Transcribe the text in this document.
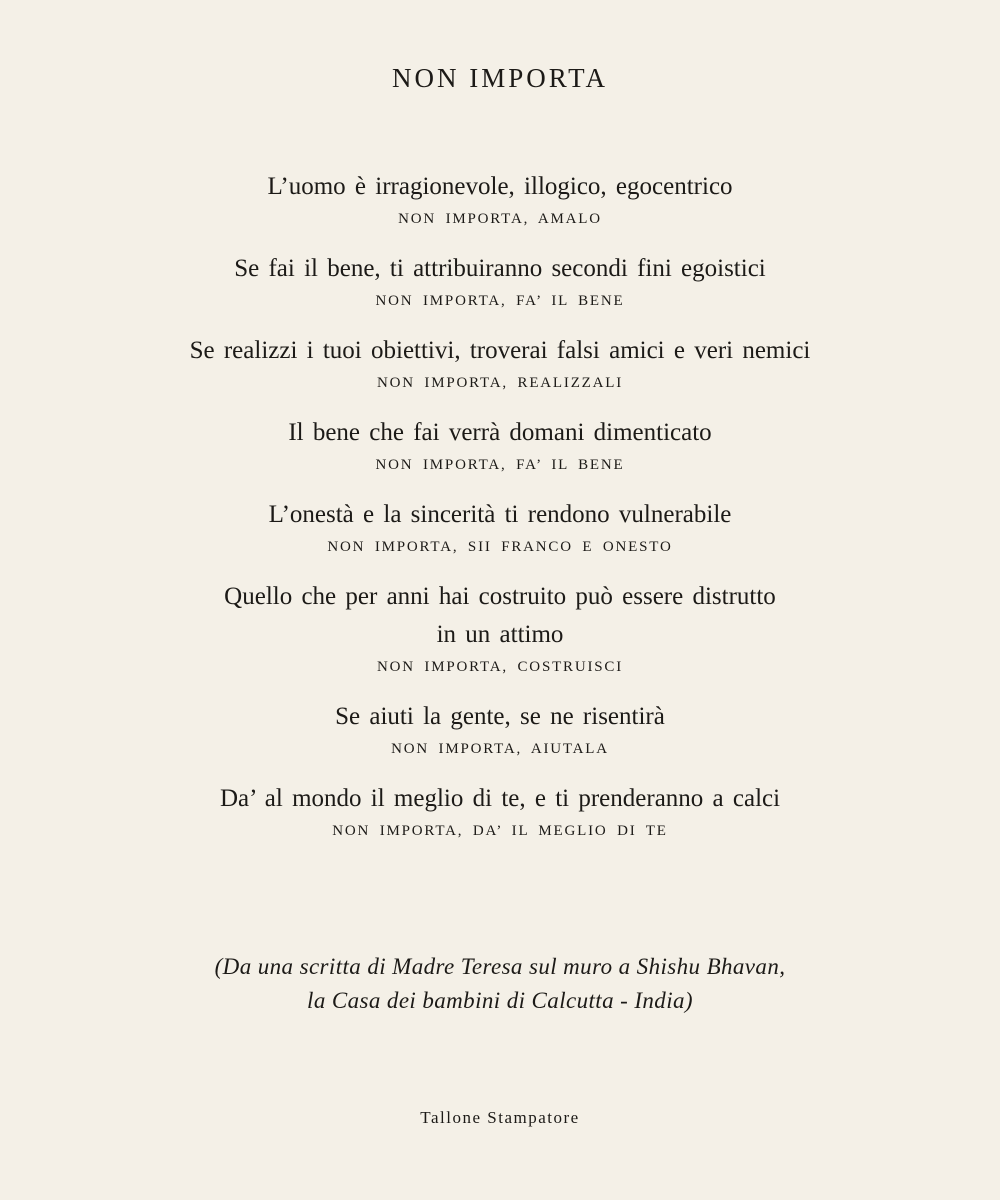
NON IMPORTA
L’uomo è irragionevole, illogico, egocentrico
NON IMPORTA, AMALO
Se fai il bene, ti attribuiranno secondi fini egoistici
NON IMPORTA, FA’ IL BENE
Se realizzi i tuoi obiettivi, troverai falsi amici e veri nemici
NON IMPORTA, REALIZZALI
Il bene che fai verrà domani dimenticato
NON IMPORTA, FA’ IL BENE
L’onestà e la sincerità ti rendono vulnerabile
NON IMPORTA, SII FRANCO E ONESTO
Quello che per anni hai costruito può essere distrutto
in un attimo
NON IMPORTA, COSTRUISCI
Se aiuti la gente, se ne risentirà
NON IMPORTA, AIUTALA
Da’ al mondo il meglio di te, e ti prenderanno a calci
NON IMPORTA, DA’ IL MEGLIO DI TE
(Da una scritta di Madre Teresa sul muro a Shishu Bhavan,
la Casa dei bambini di Calcutta - India)
Tallone Stampatore
